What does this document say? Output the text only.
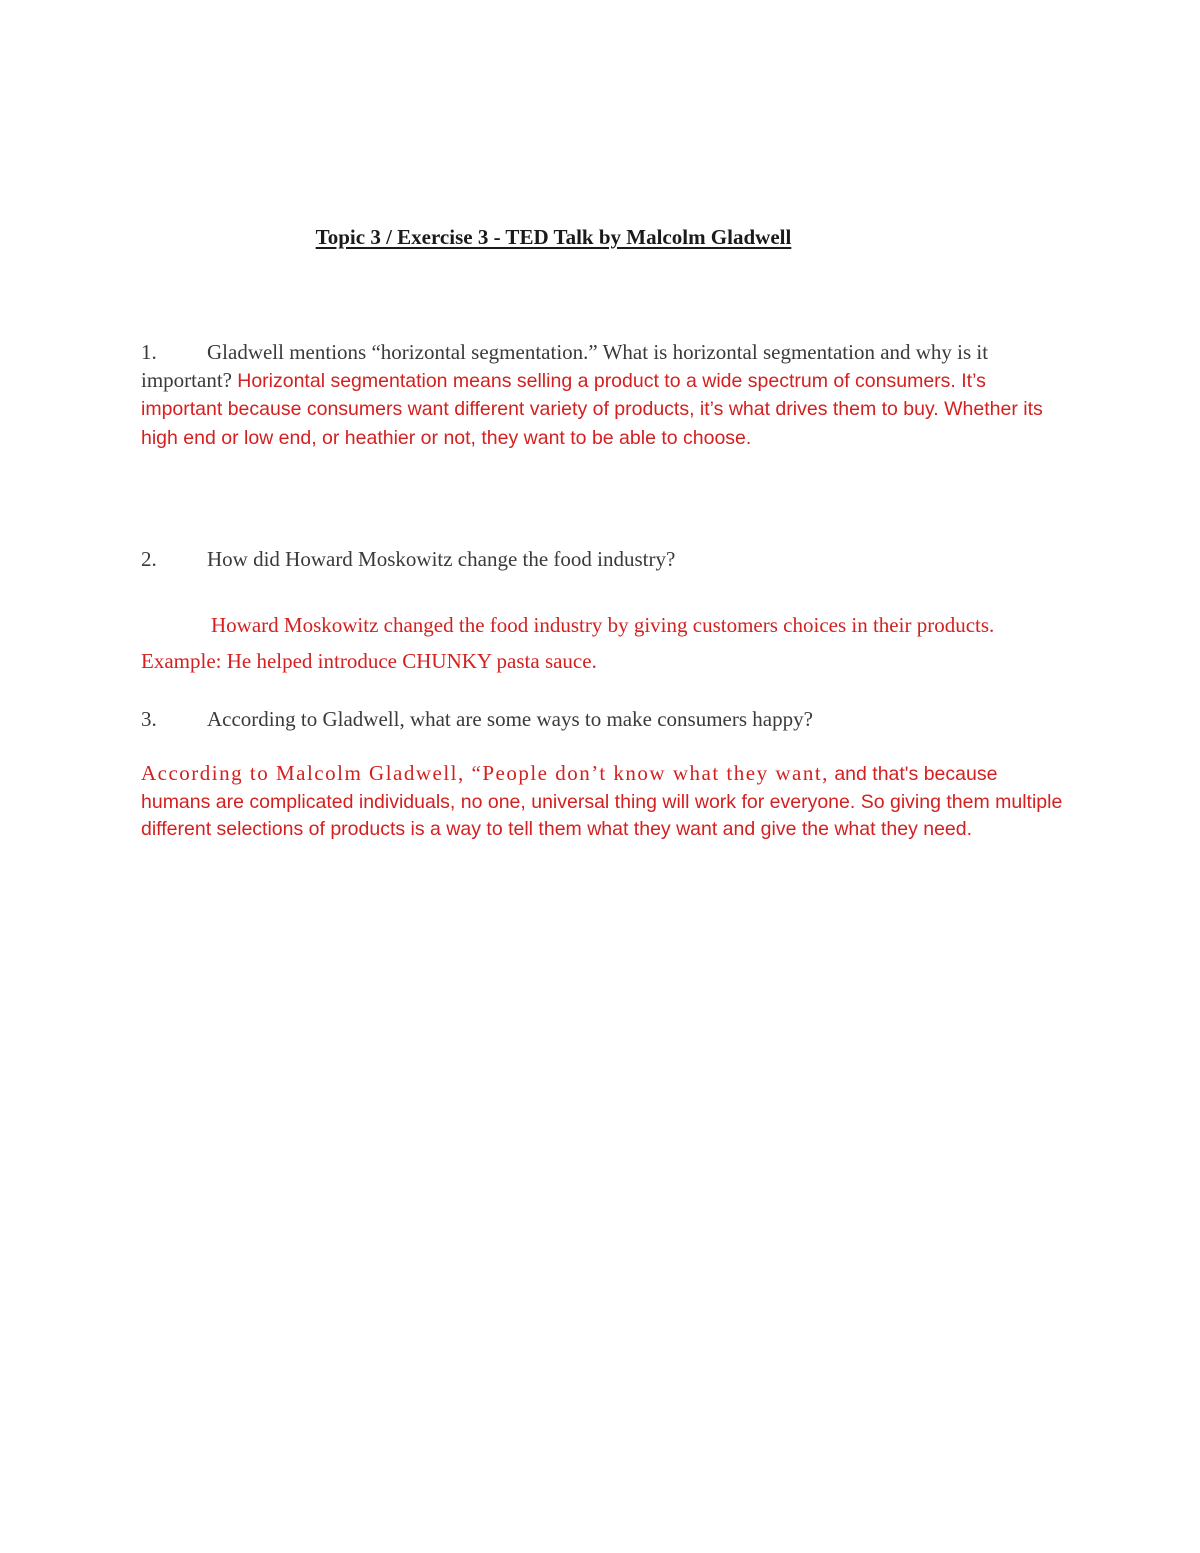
Topic 3 / Exercise 3 - TED Talk by Malcolm Gladwell
1. Gladwell mentions “horizontal segmentation.” What is horizontal segmentation and why is it important? Horizontal segmentation means selling a product to a wide spectrum of consumers. It’s important because consumers want different variety of products, it’s what drives them to buy. Whether its high end or low end, or heathier or not, they want to be able to choose.
2. How did Howard Moskowitz change the food industry?
Howard Moskowitz changed the food industry by giving customers choices in their products. Example: He helped introduce CHUNKY pasta sauce.
3. According to Gladwell, what are some ways to make consumers happy?
According to Malcolm Gladwell, “People don’t know what they want, and that's because humans are complicated individuals, no one, universal thing will work for everyone. So giving them multiple different selections of products is a way to tell them what they want and give the what they need.
